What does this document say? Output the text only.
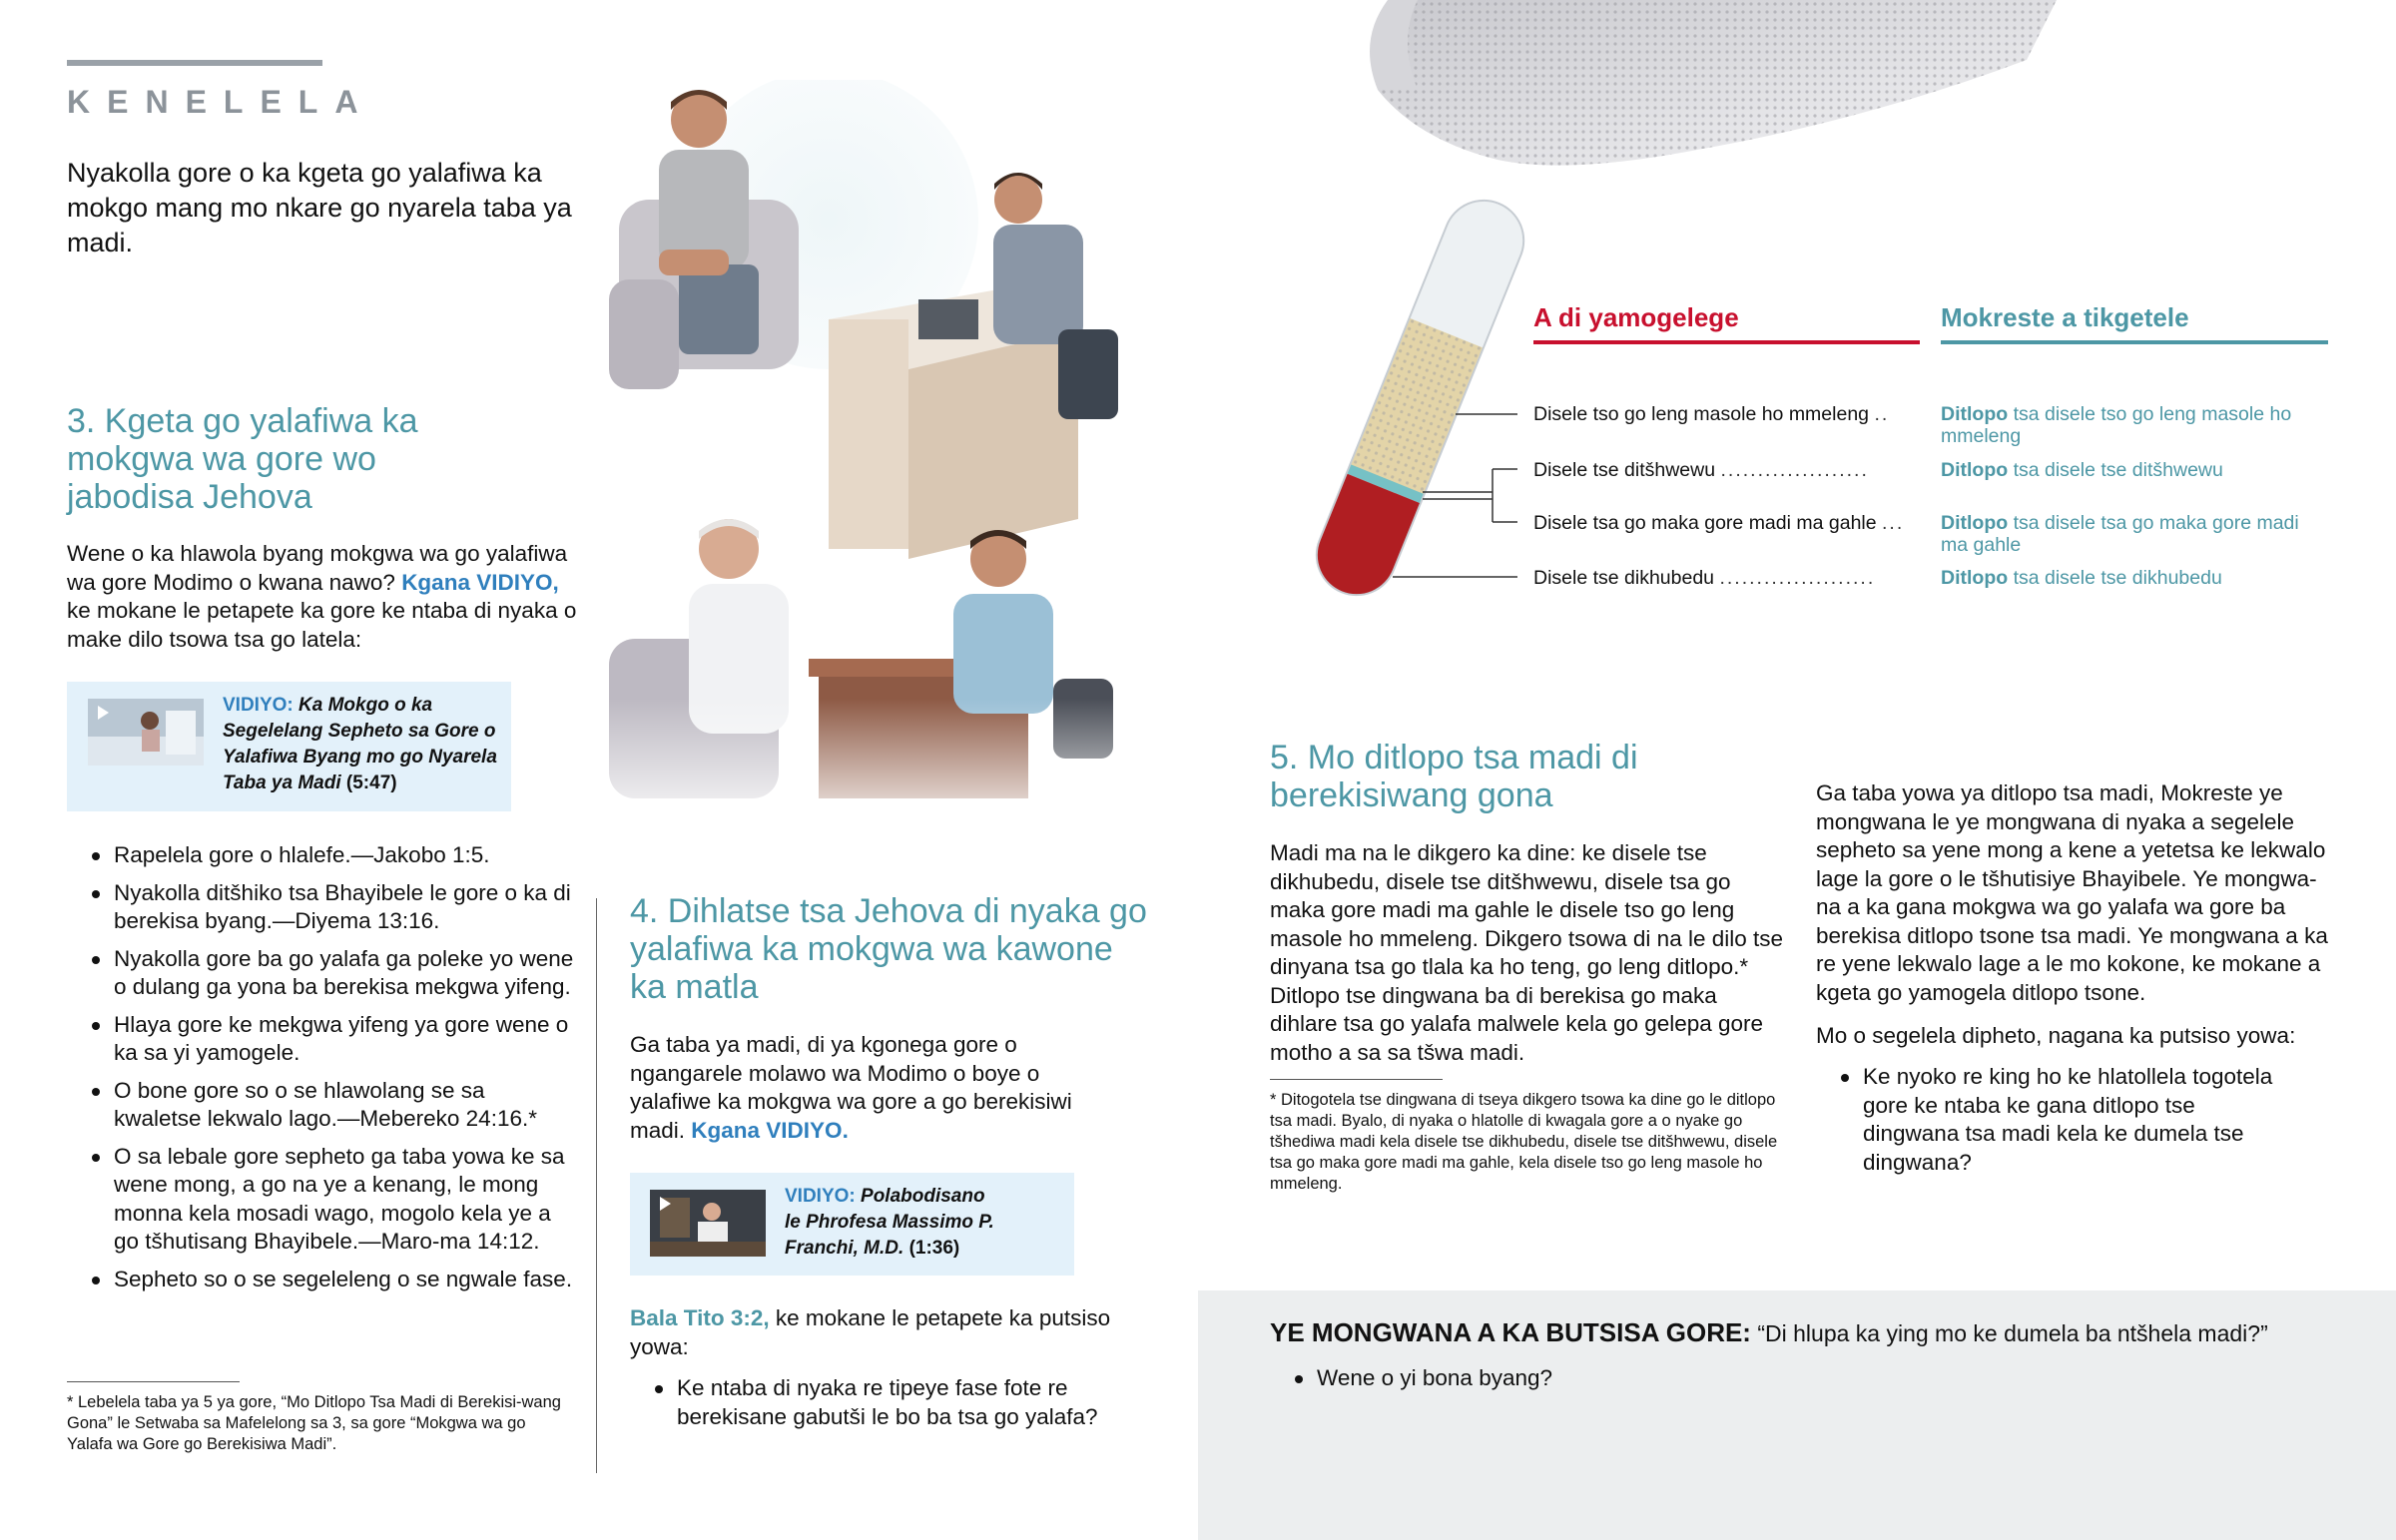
KENELELA

Nyakolla gore o ka kgeta go yalafiwa ka mokgo mang mo nkare go nyarela taba ya madi.

3. Kgeta go yalafiwa ka mokgwa wa gore wo jabodisa Jehova

Wene o ka hlawola byang mokgwa wa go yalafiwa wa gore Modimo o kwana nawo? Kgana VIDIYO, ke mokane le petapete ka gore ke ntaba di nyaka o make dilo tsowa tsa go latela:

VIDIYO: Ka Mokgo o ka Segelelang Sepheto sa Gore o Yalafiwa Byang mo go Nyarela Taba ya Madi (5:47)
Rapelela gore o hlalefe.—Jakobo 1:5.
Nyakolla ditšhiko tsa Bhayibele le gore o ka di berekisa byang.—Diyema 13:16.
Nyakolla gore ba go yalafa ga poleke yo wene o dulang ga yona ba berekisa mekgwa yifeng.
Hlaya gore ke mekgwa yifeng ya gore wene o ka sa yi yamogele.
O bone gore so o se hlawolang se sa kwaletse lekwalo lago.—Mebereko 24:16.*
O sa lebale gore sepheto ga taba yowa ke sa wene mong, a go na ye a kenang, le mong monna kela mosadi wago, mogolo kela ye a go tšhutisang Bhayibele.—Maro-ma 14:12.
Sepheto so o se segeleleng o se ngwale fase.

* Lebelela taba ya 5 ya gore, “Mo Ditlopo Tsa Madi di Berekisi-wang Gona” le Setwaba sa Mafelelong sa 3, sa gore “Mokgwa wa go Yalafa wa Gore go Berekisiwa Madi”.

4. Dihlatse tsa Jehova di nyaka go yalafiwa ka mokgwa wa kawone ka matla

Ga taba ya madi, di ya kgonega gore o ngangarele molawo wa Modimo o boye o yalafiwe ka mokgwa wa gore a go berekisiwi madi. Kgana VIDIYO.

VIDIYO: Polabodisano le Phrofesa Massimo P. Franchi, M.D. (1:36)

Bala Tito 3:2, ke mokane le petapete ka putsiso yowa:

Ke ntaba di nyaka re tipeye fase fote re berekisane gabutši le bo ba tsa go yalafa?
A di yamogelege	Mokreste a tikgetele
Disele tso go leng masole ho mmeleng ..	Ditlopo tsa disele tso go leng masole ho mmeleng
Disele tse ditšhwewu ....................	Ditlopo tsa disele tse ditšhwewu
Disele tsa go maka gore madi ma gahle ...	Ditlopo tsa disele tsa go maka gore madi ma gahle
Disele tse dikhubedu .....................	Ditlopo tsa disele tse dikhubedu
5. Mo ditlopo tsa madi di berekisiwang gona

Madi ma na le dikgero ka dine: ke disele tse dikhubedu, disele tse ditšhwewu, disele tsa go maka gore madi ma gahle le disele tso go leng masole ho mmeleng. Dikgero tsowa di na le dilo tse dinyana tsa go tlala ka ho teng, go leng ditlopo.* Ditlopo tse dingwana ba di berekisa go maka dihlare tsa go yalafa malwele kela go gelepa gore motho a sa sa tšwa madi.

* Ditogotela tse dingwana di tseya dikgero tsowa ka dine go le ditlopo tsa madi. Byalo, di nyaka o hlatolle di kwagala gore a o nyake go tšhediwa madi kela disele tse dikhubedu, disele tse ditšhwewu, disele tsa go maka gore madi ma gahle, kela disele tso go leng masole ho mmeleng.

Ga taba yowa ya ditlopo tsa madi, Mokreste ye mongwana le ye mongwana di nyaka a segelele sepheto sa yene mong a kene a yetetsa ke lekwalo lage la gore o le tšhutisiye Bhayibele. Ye mongwa-na a ka gana mokgwa wa go yalafa wa gore ba berekisa ditlopo tsone tsa madi. Ye mongwana a ka re yene lekwalo lage a le mo kokone, ke mokane a kgeta go yamogela ditlopo tsone.

Mo o segelela dipheto, nagana ka putsiso yowa:

Ke nyoko re king ho ke hlatollela togotela gore ke ntaba ke gana ditlopo tse dingwana tsa madi kela ke dumela tse dingwana?

YE MONGWANA A KA BUTSISA GORE: “Di hlupa ka ying mo ke dumela ba ntšhela madi?”

Wene o yi bona byang?
